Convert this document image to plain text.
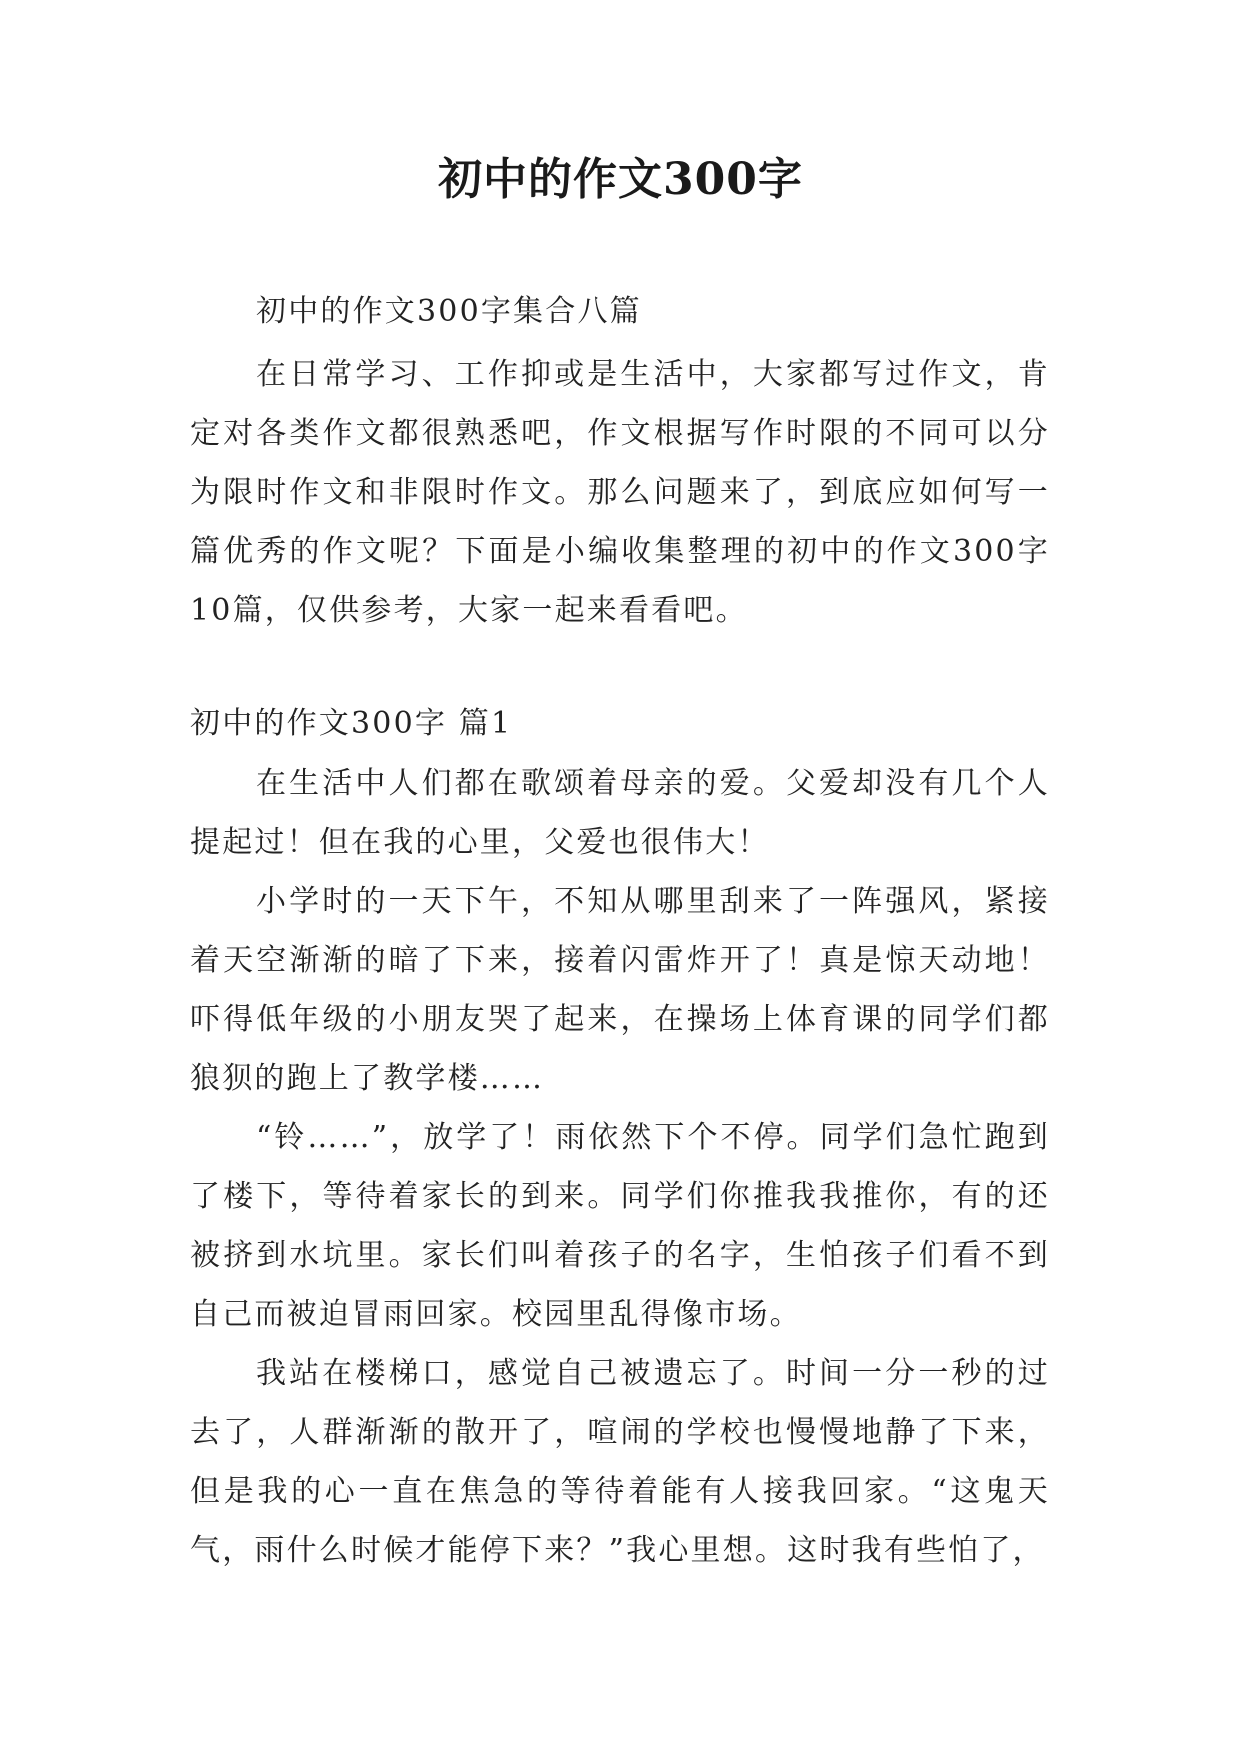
初中的作文300字
初中的作文300字集合八篇

在日常学习、工作抑或是生活中，大家都写过作文，肯定对各类作文都很熟悉吧，作文根据写作时限的不同可以分为限时作文和非限时作文。那么问题来了，到底应如何写一篇优秀的作文呢？下面是小编收集整理的初中的作文300字10篇，仅供参考，大家一起来看看吧。

初中的作文300字 篇1

在生活中人们都在歌颂着母亲的爱。父爱却没有几个人提起过！但在我的心里，父爱也很伟大！

小学时的一天下午，不知从哪里刮来了一阵强风，紧接着天空渐渐的暗了下来，接着闪雷炸开了！真是惊天动地！吓得低年级的小朋友哭了起来，在操场上体育课的同学们都狼狈的跑上了教学楼……

“铃……”，放学了！雨依然下个不停。同学们急忙跑到了楼下，等待着家长的到来。同学们你推我我推你，有的还被挤到水坑里。家长们叫着孩子的名字，生怕孩子们看不到自己而被迫冒雨回家。校园里乱得像市场。

我站在楼梯口，感觉自己被遗忘了。时间一分一秒的过去了，人群渐渐的散开了，喧闹的学校也慢慢地静了下来，但是我的心一直在焦急的等待着能有人接我回家。“这鬼天气，雨什么时候才能停下来？”我心里想。这时我有些怕了，
